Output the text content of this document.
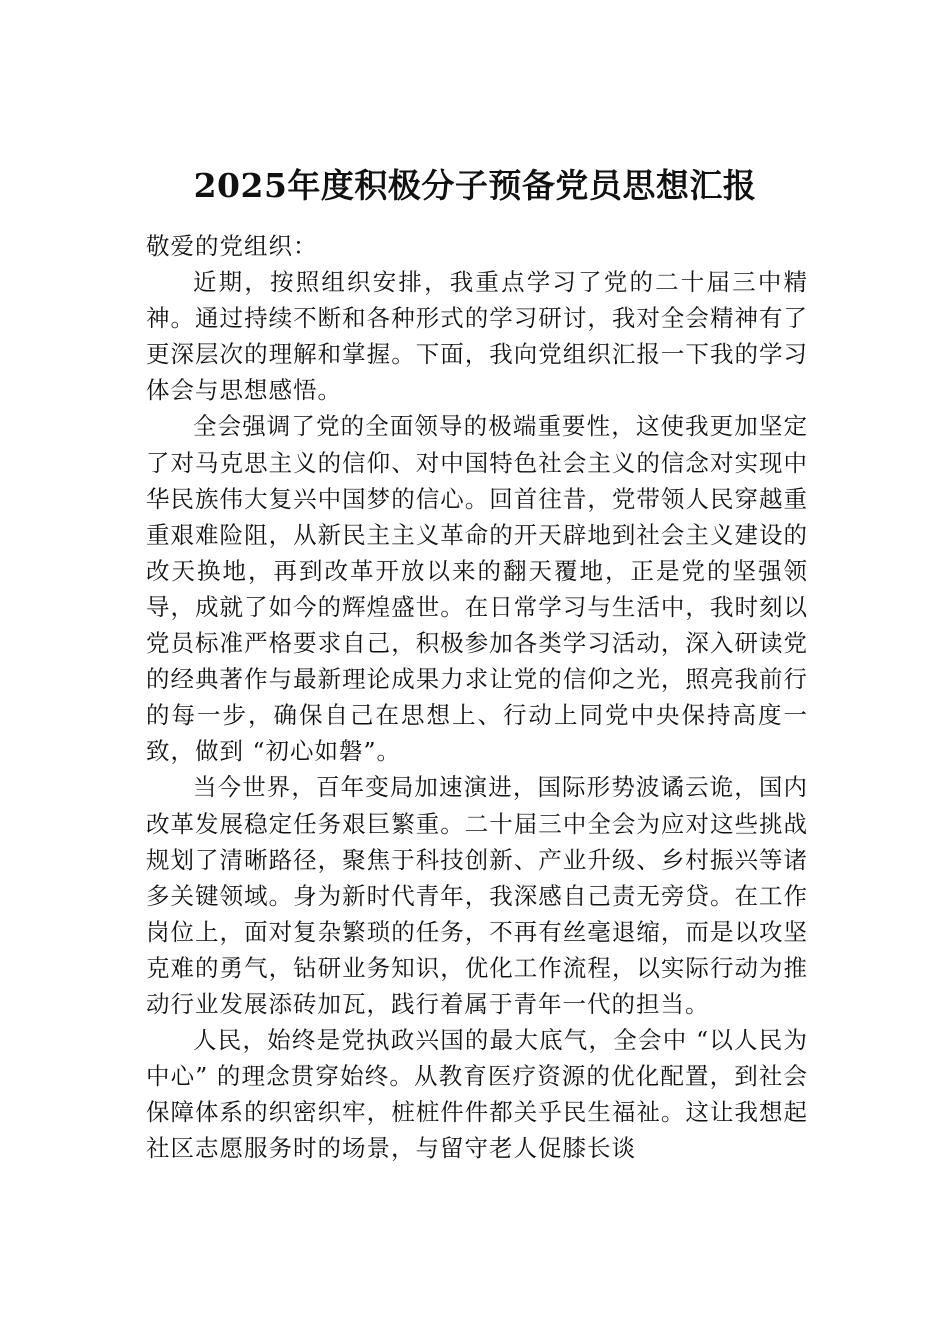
2025年度积极分子预备党员思想汇报

敬爱的党组织：

近期，按照组织安排，我重点学习了党的二十届三中精神。通过持续不断和各种形式的学习研讨，我对全会精神有了更深层次的理解和掌握。下面，我向党组织汇报一下我的学习体会与思想感悟。

全会强调了党的全面领导的极端重要性，这使我更加坚定了对马克思主义的信仰、对中国特色社会主义的信念对实现中华民族伟大复兴中国梦的信心。回首往昔，党带领人民穿越重重艰难险阻，从新民主主义革命的开天辟地到社会主义建设的改天换地，再到改革开放以来的翻天覆地，正是党的坚强领导，成就了如今的辉煌盛世。在日常学习与生活中，我时刻以党员标准严格要求自己，积极参加各类学习活动，深入研读党的经典著作与最新理论成果力求让党的信仰之光，照亮我前行的每一步，确保自己在思想上、行动上同党中央保持高度一致，做到 “初心如磐”。

当今世界，百年变局加速演进，国际形势波谲云诡，国内改革发展稳定任务艰巨繁重。二十届三中全会为应对这些挑战规划了清晰路径，聚焦于科技创新、产业升级、乡村振兴等诸多关键领域。身为新时代青年，我深感自己责无旁贷。在工作岗位上，面对复杂繁琐的任务，不再有丝毫退缩，而是以攻坚克难的勇气，钻研业务知识，优化工作流程，以实际行动为推动行业发展添砖加瓦，践行着属于青年一代的担当。

人民，始终是党执政兴国的最大底气，全会中 “以人民为中心” 的理念贯穿始终。从教育医疗资源的优化配置，到社会保障体系的织密织牢，桩桩件件都关乎民生福祉。这让我想起社区志愿服务时的场景，与留守老人促膝长谈
